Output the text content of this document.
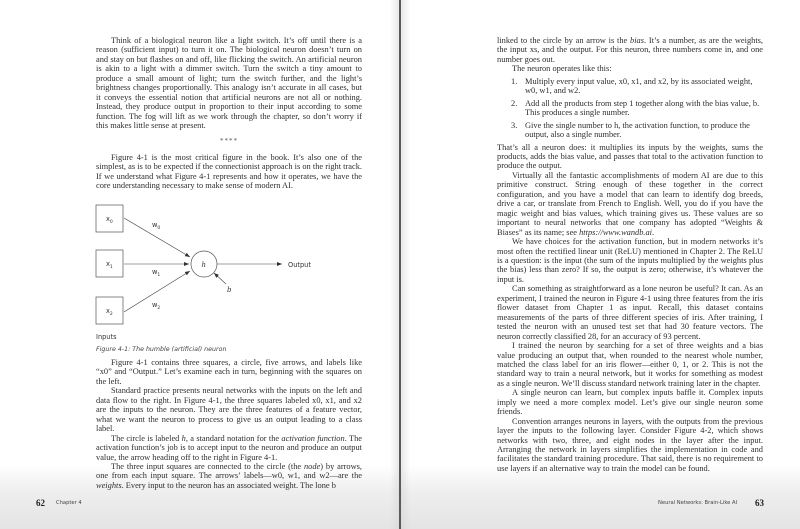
Think of a biological neuron like a light switch. It’s off until there is a reason (sufficient input) to turn it on. The biological neuron doesn’t turn on and stay on but flashes on and off, like flicking the switch. An artificial neuron is akin to a light with a dimmer switch. Turn the switch a tiny amount to produce a small amount of light; turn the switch further, and the light’s brightness changes proportionally. This analogy isn’t accurate in all cases, but it conveys the essential notion that artificial neurons are not all or nothing. Instead, they produce output in proportion to their input according to some function. The fog will lift as we work through the chapter, so don’t worry if this makes little sense at present.

****

Figure 4-1 is the most critical figure in the book. It’s also one of the simplest, as is to be expected if the connectionist approach is on the right track. If we understand what Figure 4-1 represents and how it operates, we have the core understanding necessary to make sense of modern AI.

$x_0$
$x_1$
$x_2$
$w_0$
$w_1$
$w_2$
h	Output
b
Inputs
Figure 4-1: The humble (artificial) neuron

Figure 4-1 contains three squares, a circle, five arrows, and labels like “x0” and “Output.” Let’s examine each in turn, beginning with the squares on the left.

Standard practice presents neural networks with the inputs on the left and data flow to the right. In Figure 4-1, the three squares labeled x0, x1, and x2 are the inputs to the neuron. They are the three features of a feature vector, what we want the neuron to process to give us an output leading to a class label.

The circle is labeled h, a standard notation for the activation function. The activation function’s job is to accept input to the neuron and produce an output value, the arrow heading off to the right in Figure 4-1.

The three input squares are connected to the circle (the node) by arrows, one from each input square. The arrows’ labels—w0, w1, and w2—are the weights. Every input to the neuron has an associated weight. The lone b

62 Chapter 4

linked to the circle by an arrow is the bias. It’s a number, as are the weights, the input xs, and the output. For this neuron, three numbers come in, and one number goes out.

The neuron operates like this:

1. Multiply every input value, x0, x1, and x2, by its associated weight, w0, w1, and w2.
2. Add all the products from step 1 together along with the bias value, b. This produces a single number.
3. Give the single number to h, the activation function, to produce the output, also a single number.

That’s all a neuron does: it multiplies its inputs by the weights, sums the products, adds the bias value, and passes that total to the activation function to produce the output.

Virtually all the fantastic accomplishments of modern AI are due to this primitive construct. String enough of these together in the correct configuration, and you have a model that can learn to identify dog breeds, drive a car, or translate from French to English. Well, you do if you have the magic weight and bias values, which training gives us. These values are so important to neural networks that one company has adopted “Weights & Biases” as its name; see https://www.wandb.ai.

We have choices for the activation function, but in modern networks it’s most often the rectified linear unit (ReLU) mentioned in Chapter 2. The ReLU is a question: is the input (the sum of the inputs multiplied by the weights plus the bias) less than zero? If so, the output is zero; otherwise, it’s whatever the input is.

Can something as straightforward as a lone neuron be useful? It can. As an experiment, I trained the neuron in Figure 4-1 using three features from the iris flower dataset from Chapter 1 as input. Recall, this dataset contains measurements of the parts of three different species of iris. After training, I tested the neuron with an unused test set that had 30 feature vectors. The neuron correctly classified 28, for an accuracy of 93 percent.

I trained the neuron by searching for a set of three weights and a bias value producing an output that, when rounded to the nearest whole number, matched the class label for an iris flower—either 0, 1, or 2. This is not the standard way to train a neural network, but it works for something as modest as a single neuron. We’ll discuss standard network training later in the chapter.

A single neuron can learn, but complex inputs baffle it. Complex inputs imply we need a more complex model. Let’s give our single neuron some friends.

Convention arranges neurons in layers, with the outputs from the previous layer the inputs to the following layer. Consider Figure 4-2, which shows networks with two, three, and eight nodes in the layer after the input. Arranging the network in layers simplifies the implementation in code and facilitates the standard training procedure. That said, there is no requirement to use layers if an alternative way to train the model can be found.

Neural Networks: Brain-Like AI 63
